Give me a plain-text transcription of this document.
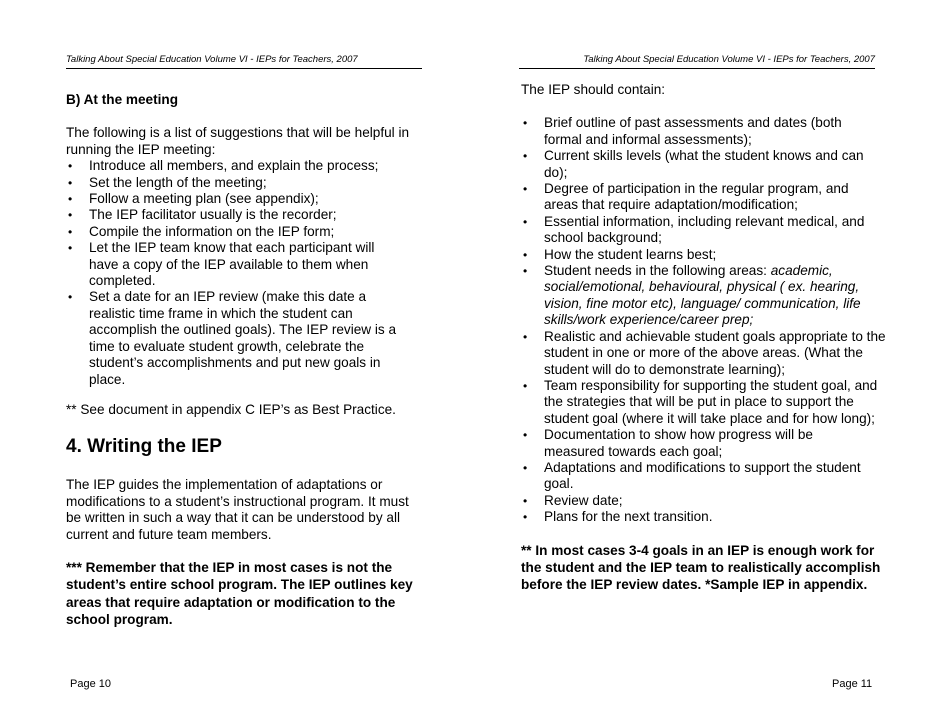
Talking About Special Education Volume VI - IEPs for Teachers, 2007

B) At the meeting

The following is a list of suggestions that will be helpful in running the IEP meeting:

• Introduce all members, and explain the process;
• Set the length of the meeting;
• Follow a meeting plan (see appendix);
• The IEP facilitator usually is the recorder;
• Compile the information on the IEP form;
• Let the IEP team know that each participant will have a copy of the IEP available to them when completed.
• Set a date for an IEP review (make this date a realistic time frame in which the student can accomplish the outlined goals). The IEP review is a time to evaluate student growth, celebrate the student’s accomplishments and put new goals in place.

** See document in appendix C IEP’s as Best Practice.

4. Writing the IEP

The IEP guides the implementation of adaptations or modifications to a student’s instructional program. It must be written in such a way that it can be understood by all current and future team members.

*** Remember that the IEP in most cases is not the student’s entire school program. The IEP outlines key areas that require adaptation or modification to the school program.

Page 10
Talking About Special Education Volume VI - IEPs for Teachers, 2007

The IEP should contain:

• Brief outline of past assessments and dates (both formal and informal assessments);
• Current skills levels (what the student knows and can do);
• Degree of participation in the regular program, and areas that require adaptation/modification;
• Essential information, including relevant medical, and school background;
• How the student learns best;
• Student needs in the following areas: academic, social/emotional, behavioural, physical ( ex. hearing, vision, fine motor etc), language/ communication, life skills/work experience/career prep;
• Realistic and achievable student goals appropriate to the student in one or more of the above areas. (What the student will do to demonstrate learning);
• Team responsibility for supporting the student goal, and the strategies that will be put in place to support the student goal (where it will take place and for how long);
• Documentation to show how progress will be measured towards each goal;
• Adaptations and modifications to support the student goal.
• Review date;
• Plans for the next transition.

** In most cases 3-4 goals in an IEP is enough work for the student and the IEP team to realistically accomplish before the IEP review dates. *Sample IEP in appendix.

Page 11
